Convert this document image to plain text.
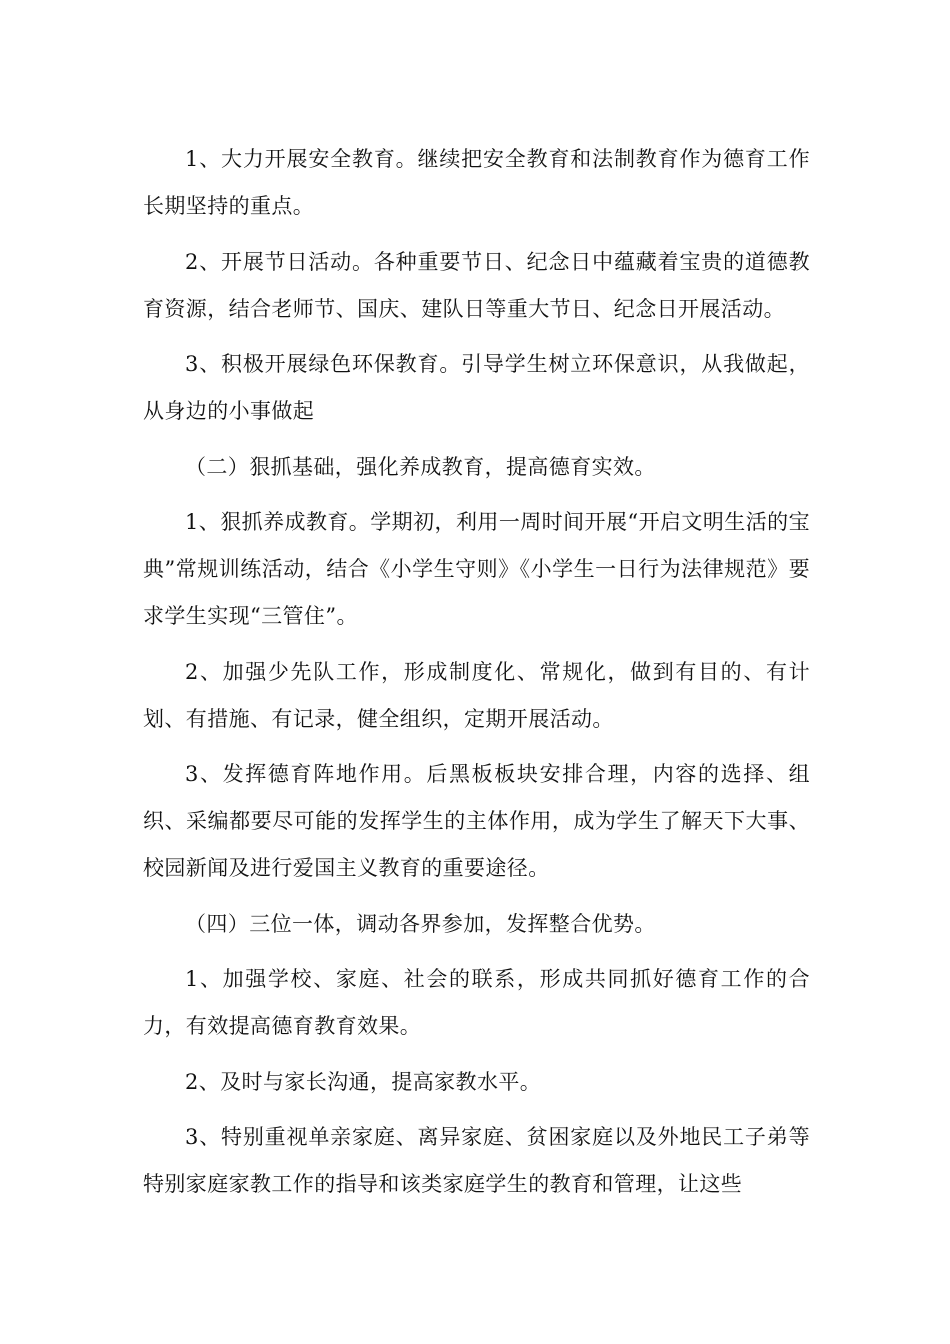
1、大力开展安全教育。继续把安全教育和法制教育作为德育工作长期坚持的重点。

2、开展节日活动。各种重要节日、纪念日中蕴藏着宝贵的道德教育资源，结合老师节、国庆、建队日等重大节日、纪念日开展活动。

3、积极开展绿色环保教育。引导学生树立环保意识，从我做起，从身边的小事做起

（二）狠抓基础，强化养成教育，提高德育实效。

1、狠抓养成教育。学期初，利用一周时间开展“开启文明生活的宝典”常规训练活动，结合《小学生守则》《小学生一日行为法律规范》要求学生实现“三管住”。

2、加强少先队工作，形成制度化、常规化，做到有目的、有计划、有措施、有记录，健全组织，定期开展活动。

3、发挥德育阵地作用。后黑板板块安排合理，内容的选择、组织、采编都要尽可能的发挥学生的主体作用，成为学生了解天下大事、校园新闻及进行爱国主义教育的重要途径。

（四）三位一体，调动各界参加，发挥整合优势。

1、加强学校、家庭、社会的联系，形成共同抓好德育工作的合力，有效提高德育教育效果。

2、及时与家长沟通，提高家教水平。

3、特别重视单亲家庭、离异家庭、贫困家庭以及外地民工子弟等特别家庭家教工作的指导和该类家庭学生的教育和管理，让这些
